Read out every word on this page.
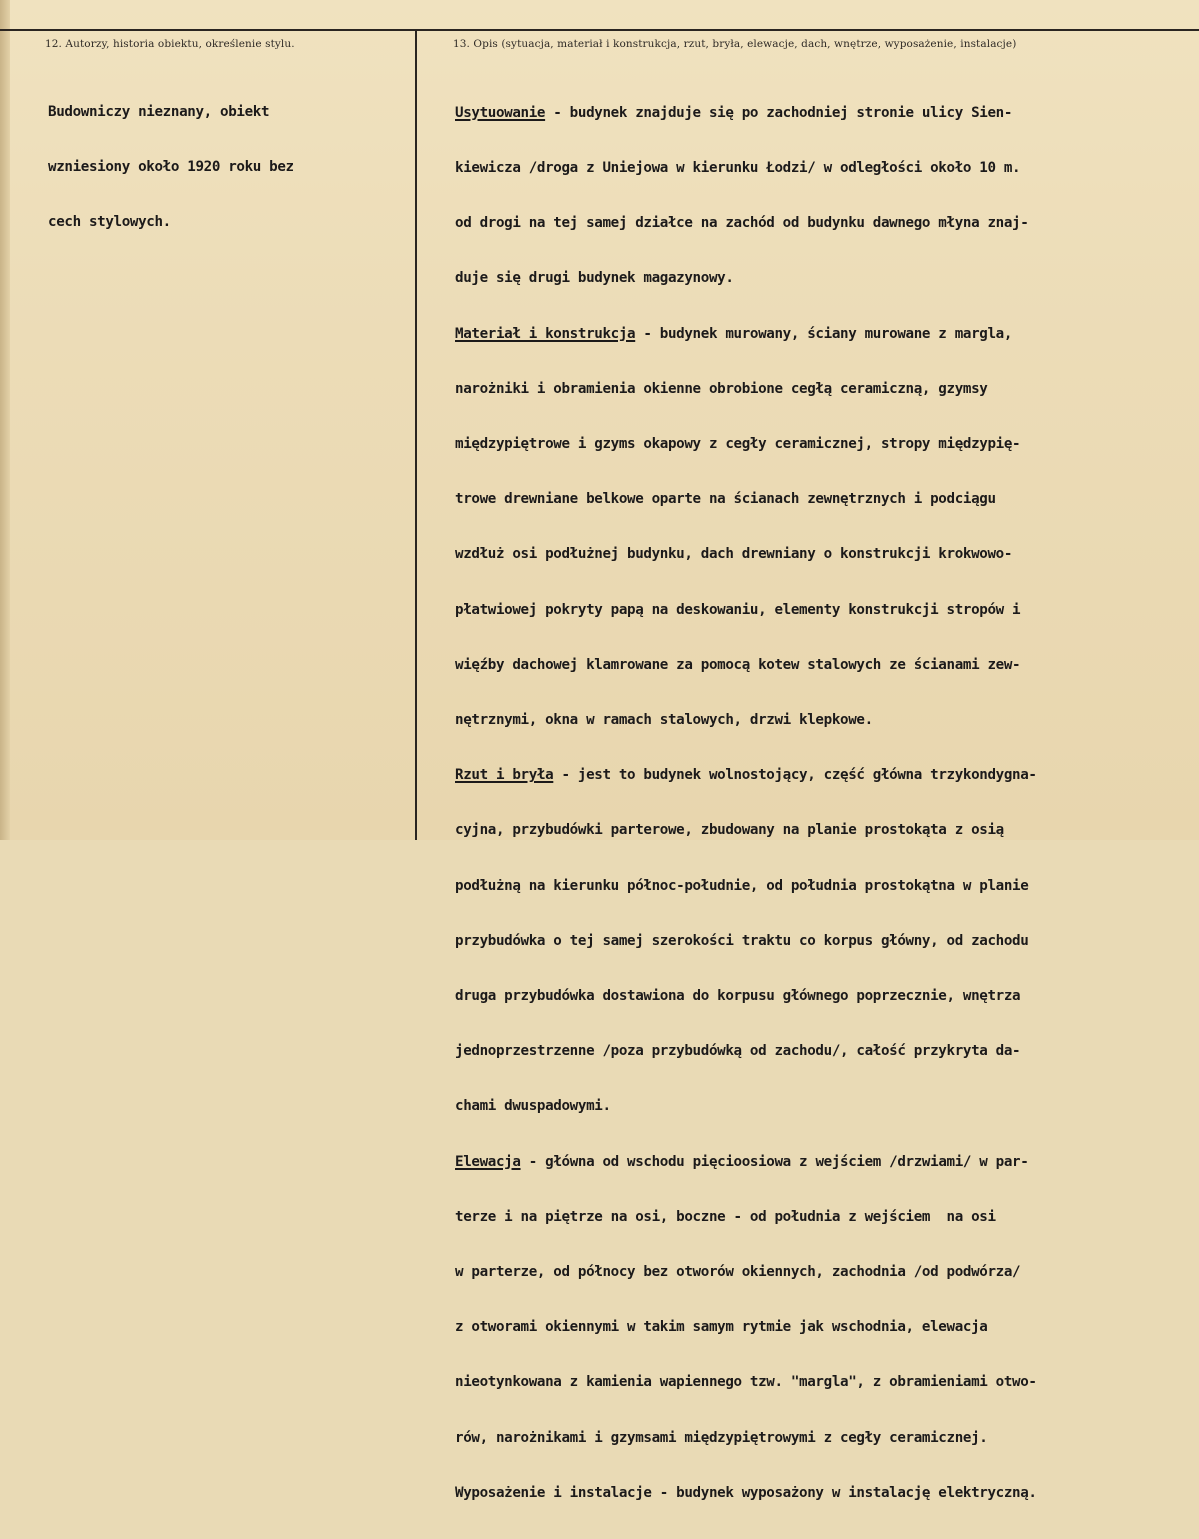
12. Autorzy, historia obiektu, określenie stylu.	13. Opis (sytuacja, materiał i konstrukcja, rzut, bryła, elewacje, dach, wnętrze, wyposażenie, instalacje)

Budowniczy nieznany, obiekt

wzniesiony około 1920 roku bez

cech stylowych.

Usytuowanie - budynek znajduje się po zachodniej stronie ulicy Sien-

kiewicza /droga z Uniejowa w kierunku Łodzi/ w odległości około 10 m.

od drogi na tej samej działce na zachód od budynku dawnego młyna znaj-

duje się drugi budynek magazynowy.

Materiał i konstrukcja - budynek murowany, ściany murowane z margla,

narożniki i obramienia okienne obrobione cegłą ceramiczną, gzymsy

międzypiętrowe i gzyms okapowy z cegły ceramicznej, stropy międzypię-

trowe drewniane belkowe oparte na ścianach zewnętrznych i podciągu

wzdłuż osi podłużnej budynku, dach drewniany o konstrukcji krokwowo-

płatwiowej pokryty papą na deskowaniu, elementy konstrukcji stropów i

więźby dachowej klamrowane za pomocą kotew stalowych ze ścianami zew-

nętrznymi, okna w ramach stalowych, drzwi klepkowe.

Rzut i bryła - jest to budynek wolnostojący, część główna trzykondygna-

cyjna, przybudówki parterowe, zbudowany na planie prostokąta z osią

podłużną na kierunku północ-południe, od południa prostokątna w planie

przybudówka o tej samej szerokości traktu co korpus główny, od zachodu

druga przybudówka dostawiona do korpusu głównego poprzecznie, wnętrza

jednoprzestrzenne /poza przybudówką od zachodu/, całość przykryta da-

chami dwuspadowymi.

Elewacja - główna od wschodu pięcioosiowa z wejściem /drzwiami/ w par-

terze i na piętrze na osi, boczne - od południa z wejściem  na osi

w parterze, od północy bez otworów okiennych, zachodnia /od podwórza/

z otworami okiennymi w takim samym rytmie jak wschodnia, elewacja

nieotynkowana z kamienia wapiennego tzw. "margla", z obramieniami otwo-

rów, narożnikami i gzymsami międzypiętrowymi z cegły ceramicznej.

Wyposażenie i instalacje - budynek wyposażony w instalację elektryczną.
